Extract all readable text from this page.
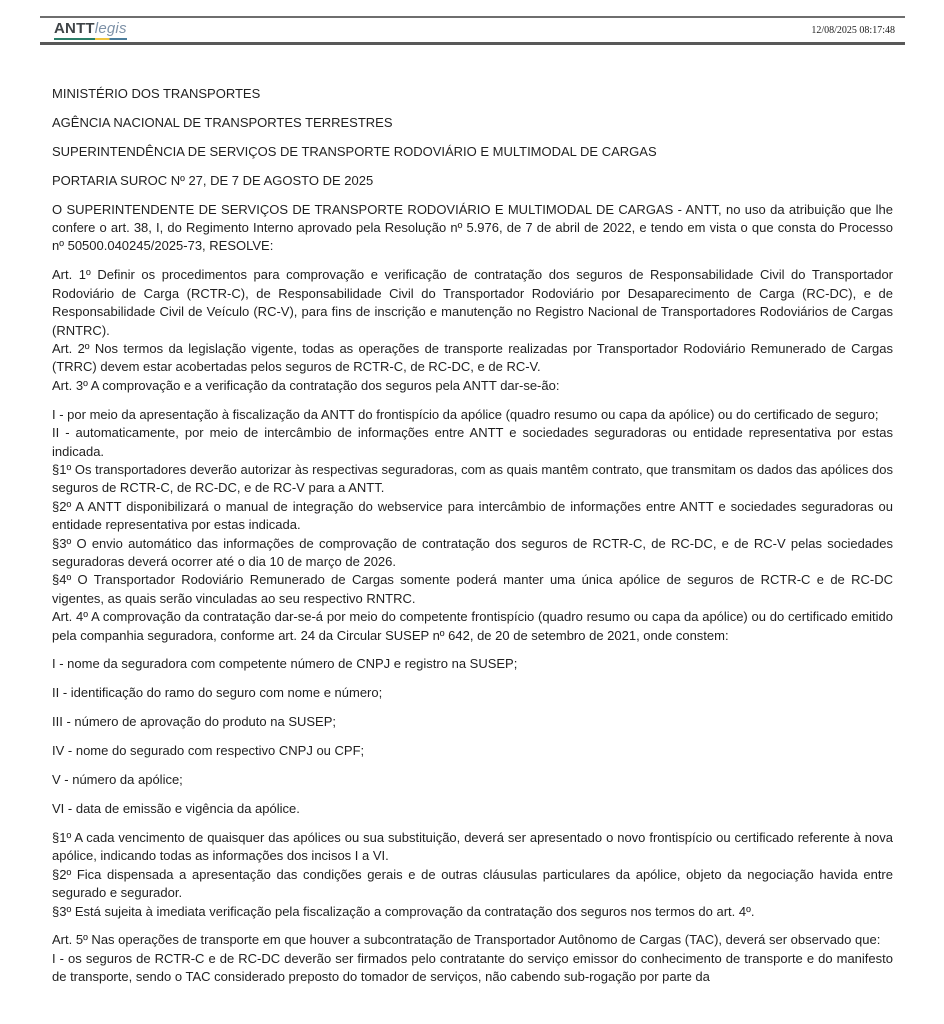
ANTTlegis	12/08/2025 08:17:48

MINISTÉRIO DOS TRANSPORTES

AGÊNCIA NACIONAL DE TRANSPORTES TERRESTRES

SUPERINTENDÊNCIA DE SERVIÇOS DE TRANSPORTE RODOVIÁRIO E MULTIMODAL DE CARGAS

PORTARIA SUROC Nº 27, DE 7 DE AGOSTO DE 2025

O SUPERINTENDENTE DE SERVIÇOS DE TRANSPORTE RODOVIÁRIO E MULTIMODAL DE CARGAS - ANTT, no uso da atribuição que lhe confere o art. 38, I, do Regimento Interno aprovado pela Resolução nº 5.976, de 7 de abril de 2022, e tendo em vista o que consta do Processo nº 50500.040245/2025-73, RESOLVE:

Art. 1º Definir os procedimentos para comprovação e verificação de contratação dos seguros de Responsabilidade Civil do Transportador Rodoviário de Carga (RCTR-C), de Responsabilidade Civil do Transportador Rodoviário por Desaparecimento de Carga (RC-DC), e de Responsabilidade Civil de Veículo (RC-V), para fins de inscrição e manutenção no Registro Nacional de Transportadores Rodoviários de Cargas (RNTRC).

Art. 2º Nos termos da legislação vigente, todas as operações de transporte realizadas por Transportador Rodoviário Remunerado de Cargas (TRRC) devem estar acobertadas pelos seguros de RCTR-C, de RC-DC, e de RC-V.

Art. 3º A comprovação e a verificação da contratação dos seguros pela ANTT dar-se-ão:

I - por meio da apresentação à fiscalização da ANTT do frontispício da apólice (quadro resumo ou capa da apólice) ou do certificado de seguro;

II - automaticamente, por meio de intercâmbio de informações entre ANTT e sociedades seguradoras ou entidade representativa por estas indicada.

§1º Os transportadores deverão autorizar às respectivas seguradoras, com as quais mantêm contrato, que transmitam os dados das apólices dos seguros de RCTR-C, de RC-DC, e de RC-V para a ANTT.

§2º A ANTT disponibilizará o manual de integração do webservice para intercâmbio de informações entre ANTT e sociedades seguradoras ou entidade representativa por estas indicada.

§3º O envio automático das informações de comprovação de contratação dos seguros de RCTR-C, de RC-DC, e de RC-V pelas sociedades seguradoras deverá ocorrer até o dia 10 de março de 2026.

§4º O Transportador Rodoviário Remunerado de Cargas somente poderá manter uma única apólice de seguros de RCTR-C e de RC-DC vigentes, as quais serão vinculadas ao seu respectivo RNTRC.

Art. 4º A comprovação da contratação dar-se-á por meio do competente frontispício (quadro resumo ou capa da apólice) ou do certificado emitido pela companhia seguradora, conforme art. 24 da Circular SUSEP nº 642, de 20 de setembro de 2021, onde constem:

I - nome da seguradora com competente número de CNPJ e registro na SUSEP;

II - identificação do ramo do seguro com nome e número;

III - número de aprovação do produto na SUSEP;

IV - nome do segurado com respectivo CNPJ ou CPF;

V - número da apólice;

VI - data de emissão e vigência da apólice.

§1º A cada vencimento de quaisquer das apólices ou sua substituição, deverá ser apresentado o novo frontispício ou certificado referente à nova apólice, indicando todas as informações dos incisos I a VI.

§2º Fica dispensada a apresentação das condições gerais e de outras cláusulas particulares da apólice, objeto da negociação havida entre segurado e segurador.

§3º Está sujeita à imediata verificação pela fiscalização a comprovação da contratação dos seguros nos termos do art. 4º.

Art. 5º Nas operações de transporte em que houver a subcontratação de Transportador Autônomo de Cargas (TAC), deverá ser observado que:

I - os seguros de RCTR-C e de RC-DC deverão ser firmados pelo contratante do serviço emissor do conhecimento de transporte e do manifesto de transporte, sendo o TAC considerado preposto do tomador de serviços, não cabendo sub-rogação por parte da
